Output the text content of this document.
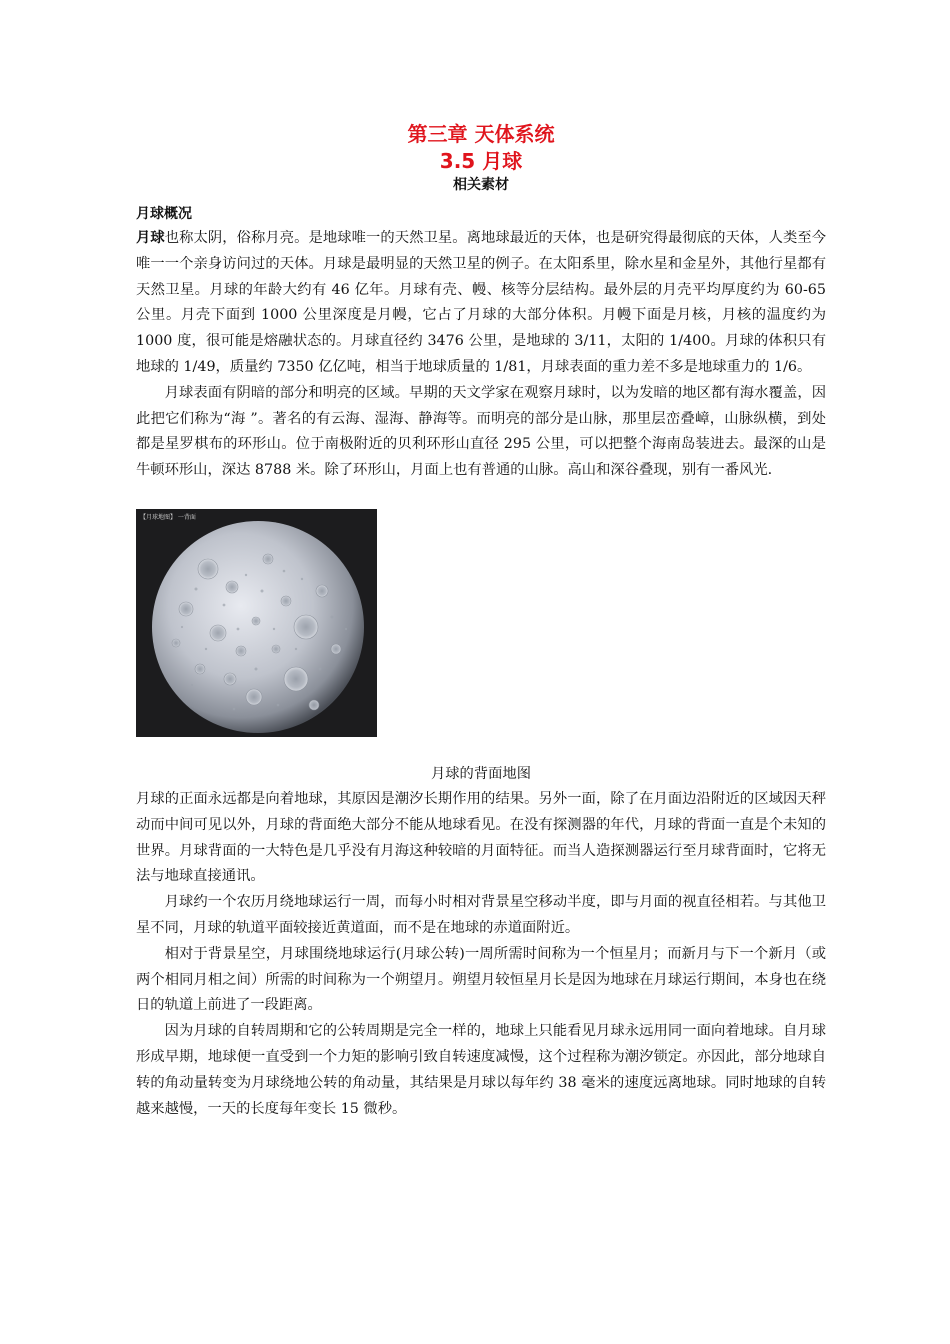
第三章 天体系统
3.5 月球
相关素材
月球概况

月球也称太阴，俗称月亮。是地球唯一的天然卫星。离地球最近的天体，也是研究得最彻底的天体，人类至今唯一一个亲身访问过的天体。月球是最明显的天然卫星的例子。在太阳系里，除水星和金星外，其他行星都有天然卫星。月球的年龄大约有 46 亿年。月球有壳、幔、核等分层结构。最外层的月壳平均厚度约为 60-65 公里。月壳下面到 1000 公里深度是月幔，它占了月球的大部分体积。月幔下面是月核，月核的温度约为 1000 度，很可能是熔融状态的。月球直径约 3476 公里，是地球的 3/11，太阳的 1/400。月球的体积只有地球的 1/49，质量约 7350 亿亿吨，相当于地球质量的 1/81，月球表面的重力差不多是地球重力的 1/6。

月球表面有阴暗的部分和明亮的区域。早期的天文学家在观察月球时，以为发暗的地区都有海水覆盖，因此把它们称为“海 ”。著名的有云海、湿海、静海等。而明亮的部分是山脉，那里层峦叠嶂，山脉纵横，到处都是星罗棋布的环形山。位于南极附近的贝利环形山直径 295 公里，可以把整个海南岛装进去。最深的山是牛顿环形山，深达 8788 米。除了环形山，月面上也有普通的山脉。高山和深谷叠现，别有一番风光.

【月球地图】 一背面
月球的背面地图

月球的正面永远都是向着地球，其原因是潮汐长期作用的结果。另外一面，除了在月面边沿附近的区域因天秤动而中间可见以外，月球的背面绝大部分不能从地球看见。在没有探测器的年代，月球的背面一直是个未知的世界。月球背面的一大特色是几乎没有月海这种较暗的月面特征。而当人造探测器运行至月球背面时，它将无法与地球直接通讯。

月球约一个农历月绕地球运行一周，而每小时相对背景星空移动半度，即与月面的视直径相若。与其他卫星不同，月球的轨道平面较接近黄道面，而不是在地球的赤道面附近。

相对于背景星空，月球围绕地球运行(月球公转)一周所需时间称为一个恒星月；而新月与下一个新月（或两个相同月相之间）所需的时间称为一个朔望月。朔望月较恒星月长是因为地球在月球运行期间，本身也在绕日的轨道上前进了一段距离。

因为月球的自转周期和它的公转周期是完全一样的，地球上只能看见月球永远用同一面向着地球。自月球形成早期，地球便一直受到一个力矩的影响引致自转速度减慢，这个过程称为潮汐锁定。亦因此，部分地球自转的角动量转变为月球绕地公转的角动量，其结果是月球以每年约 38 毫米的速度远离地球。同时地球的自转越来越慢，一天的长度每年变长 15 微秒。
